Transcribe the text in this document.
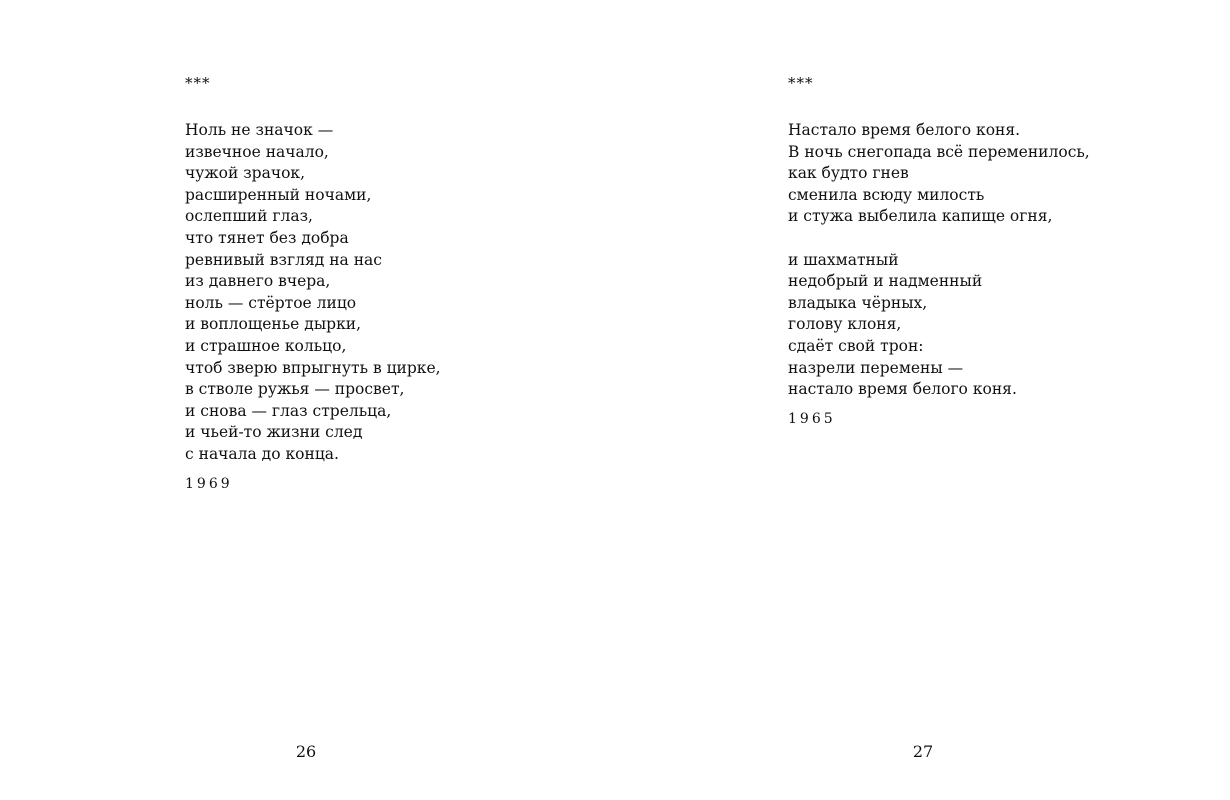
***
Ноль не значок —
извечное начало,
чужой зрачок,
расширенный ночами,
ослепший глаз,
что тянет без добра
ревнивый взгляд на нас
из давнего вчера,
ноль — стёртое лицо
и воплощенье дырки,
и страшное кольцо,
чтоб зверю впрыгнуть в цирке,
в стволе ружья — просвет,
и снова — глаз стрельца,
и чьей-то жизни след
с начала до конца.
1969
26
***
Настало время белого коня.
В ночь снегопада всё переменилось,
как будто гнев
сменила всюду милость
и стужа выбелила капище огня,
и шахматный
недобрый и надменный
владыка чёрных,
голову клоня,
сдаёт свой трон:
назрели перемены —
настало время белого коня.
1965
27
